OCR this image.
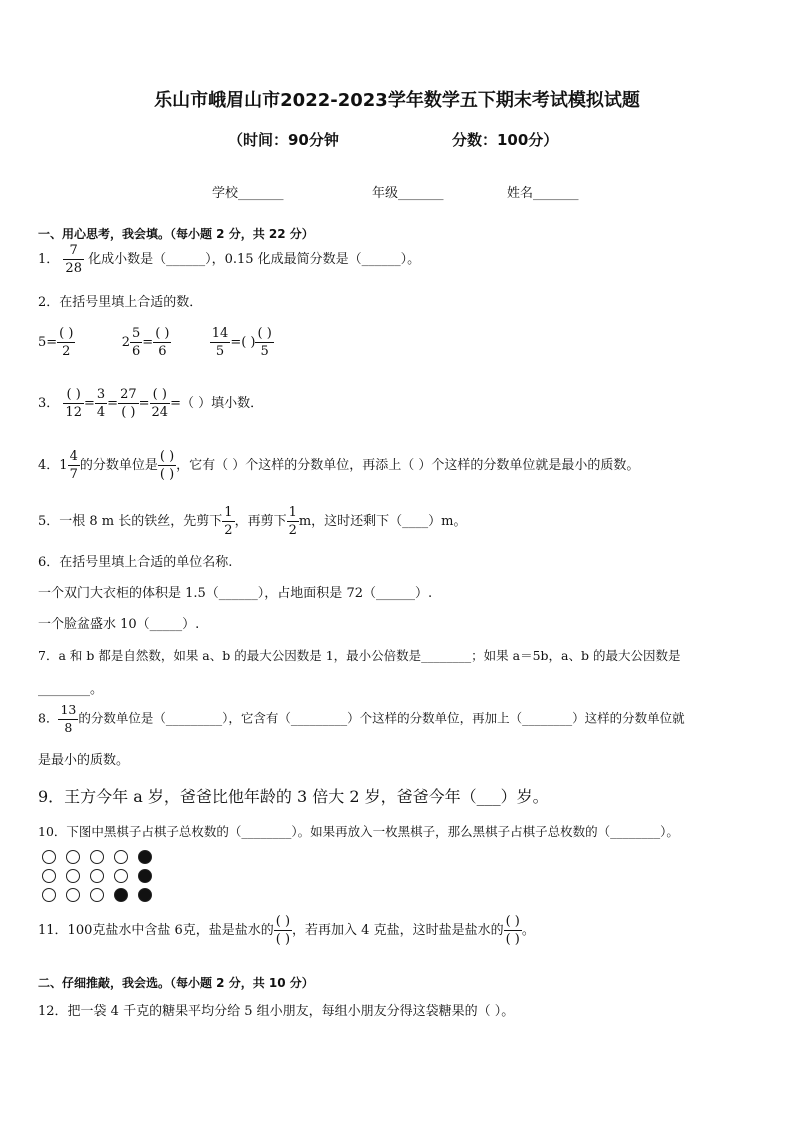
乐山市峨眉山市2022-2023学年数学五下期末考试模拟试题
（时间：90分钟	分数：100分）
学校_______	年级_______	姓名_______
一、用心思考，我会填。（每小题 2 分，共 22 分）
1． $\frac{7}{28}$ 化成小数是（______），0.15 化成最简分数是（______）。
2．在括号里填上合适的数．
$5= \frac{( )}{2}$	$2 \frac{5}{6} = \frac{( )}{6}$
	$\frac{14}{5}$ =( ) $\frac{( )}{5}$
3． $\frac{( )}{12} = \frac{3}{4} = \frac{27}{( )} = \frac{( )}{24}$ =（ ）填小数．
4．$1 \frac{4}{7}$ 的分数单位是 $\frac{( )}{( )}$ ，它有（ ）个这样的分数单位，再添上（ ）个这样的分数单位就是最小的质数。
5．一根 8 m 长的铁丝，先剪下 $\frac{1}{2}$ ，再剪下 $\frac{1}{2}$ m，这时还剩下（____）m。
6．在括号里填上合适的单位名称.
一个双门大衣柜的体积是 1.5（______），占地面积是 72（______）.
一个脸盆盛水 10（_____）.
7．a 和 b 都是自然数，如果 a、b 的最大公因数是 1，最小公倍数是________；如果 a＝5b，a、b 的最大公因数是
________。
8． $\frac{13}{8}$ 的分数单位是（_________），它含有（_________）个这样的分数单位，再加上（________）这样的分数单位就
是最小的质数。
9．王方今年 a 岁，爸爸比他年龄的 3 倍大 2 岁，爸爸今年（___）岁。
10．下图中黑棋子占棋子总枚数的（________）。如果再放入一枚黑棋子，那么黑棋子占棋子总枚数的（________）。
11．100克盐水中含盐 6克，盐是盐水的 $\frac{( )}{( )}$ ，若再加入 4 克盐，这时盐是盐水的 $\frac{( )}{( )}$ 。
二、仔细推敲，我会选。（每小题 2 分，共 10 分）
12．把一袋 4 千克的糖果平均分给 5 组小朋友，每组小朋友分得这袋糖果的（ ）。
